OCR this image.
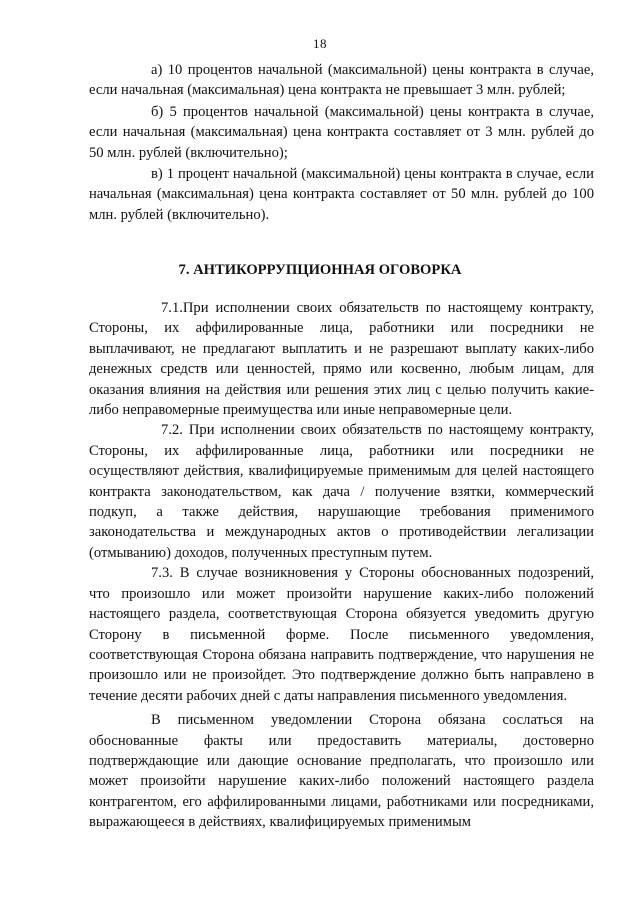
18

а) 10 процентов начальной (максимальной) цены контракта в случае, если начальная (максимальная) цена контракта не превышает 3 млн. рублей;

б) 5 процентов начальной (максимальной) цены контракта в случае, если начальная (максимальная) цена контракта составляет от 3 млн. рублей до 50 млн. рублей (включительно);

в) 1 процент начальной (максимальной) цены контракта в случае, если начальная (максимальная) цена контракта составляет от 50 млн. рублей до 100 млн. рублей (включительно).

7. АНТИКОРРУПЦИОННАЯ ОГОВОРКА

7.1.При исполнении своих обязательств по настоящему контракту, Стороны, их аффилированные лица, работники или посредники не выплачивают, не предлагают выплатить и не разрешают выплату каких-либо денежных средств или ценностей, прямо или косвенно, любым лицам, для оказания влияния на действия или решения этих лиц с целью получить какие-либо неправомерные преимущества или иные неправомерные цели.

7.2. При исполнении своих обязательств по настоящему контракту, Стороны, их аффилированные лица, работники или посредники не осуществляют действия, квалифицируемые применимым для целей настоящего контракта законодательством, как дача / получение взятки, коммерческий подкуп, а также действия, нарушающие требования применимого законодательства и международных актов о противодействии легализации (отмыванию) доходов, полученных преступным путем.

7.3. В случае возникновения у Стороны обоснованных подозрений, что произошло или может произойти нарушение каких-либо положений настоящего раздела, соответствующая Сторона обязуется уведомить другую Сторону в письменной форме. После письменного уведомления, соответствующая Сторона обязана направить подтверждение, что нарушения не произошло или не произойдет. Это подтверждение должно быть направлено в течение десяти рабочих дней с даты направления письменного уведомления.

В письменном уведомлении Сторона обязана сослаться на обоснованные факты или предоставить материалы, достоверно подтверждающие или дающие основание предполагать, что произошло или может произойти нарушение каких-либо положений настоящего раздела контрагентом, его аффилированными лицами, работниками или посредниками, выражающееся в действиях, квалифицируемых применимым
